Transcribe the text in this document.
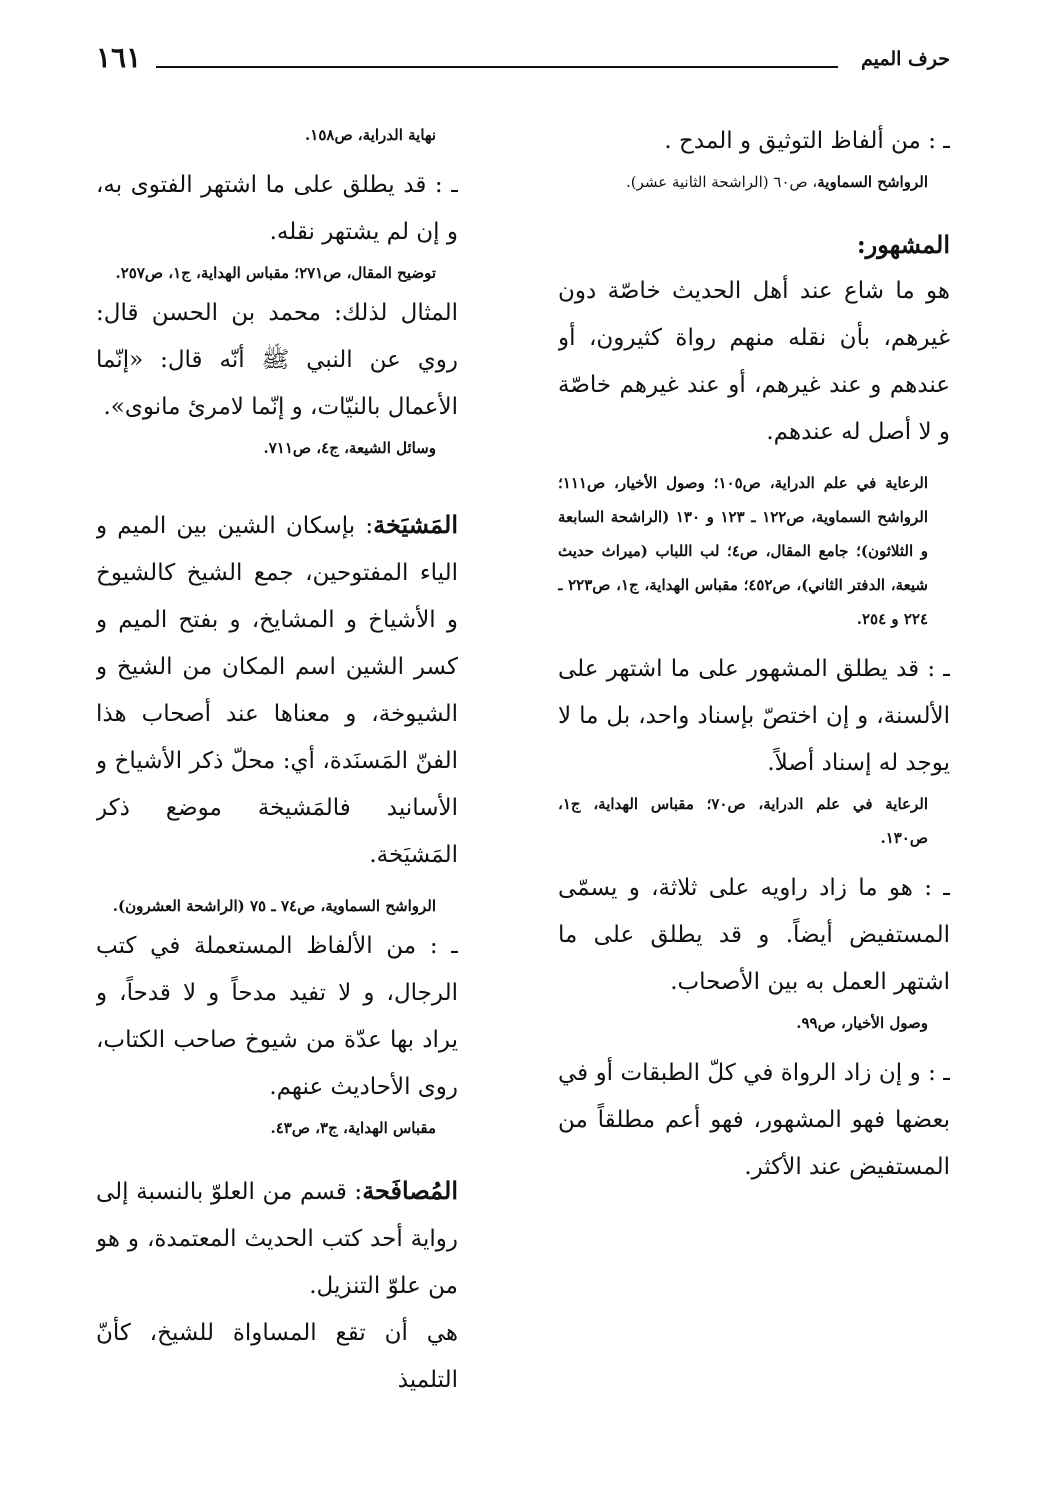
١٦١	حرف الميم

ـ : من ألفاظ التوثيق و المدح .

الرواشح السماوية، ص٦٠ (الراشحة الثانية عشر).

المشهور:

هو ما شاع عند أهل الحديث خاصّة دون غيرهم، بأن نقله منهم رواة كثيرون، أو عندهم و عند غيرهم، أو عند غيرهم خاصّة و لا أصل له عندهم.

الرعاية في علم الدراية، ص١٠٥؛ وصول الأخيار، ص١١١؛ الرواشح السماوية، ص١٢٢ ـ ١٢٣ و ١٣٠ (الراشحة السابعة و الثلاثون)؛ جامع المقال، ص٤؛ لب اللباب (ميراث حديث شيعة، الدفتر الثاني)، ص٤٥٢؛ مقباس الهداية، ج١، ص٢٢٣ ـ ٢٢٤ و ٢٥٤.

ـ : قد يطلق المشهور على ما اشتهر على الألسنة، و إن اختصّ بإسناد واحد، بل ما لا يوجد له إسناد أصلاً.

الرعاية في علم الدراية، ص٧٠؛ مقباس الهداية، ج١، ص١٣٠.

ـ : هو ما زاد راويه على ثلاثة، و يسمّى المستفيض أيضاً. و قد يطلق على ما اشتهر العمل به بين الأصحاب.

وصول الأخيار، ص٩٩.

ـ : و إن زاد الرواة في كلّ الطبقات أو في بعضها فهو المشهور، فهو أعم مطلقاً من المستفيض عند الأكثر.

نهاية الدراية، ص١٥٨.

ـ : قد يطلق على ما اشتهر الفتوى به، و إن لم يشتهر نقله.

توضيح المقال، ص٢٧١؛ مقباس الهداية، ج١، ص٢٥٧.

المثال لذلك: محمد بن الحسن قال: روي عن النبي ﷺ أنّه قال: «إنّما الأعمال بالنيّات، و إنّما لامرئ مانوى».

وسائل الشيعة، ج٤، ص٧١١.

المَشيَخة: بإسكان الشين بين الميم و الياء المفتوحين، جمع الشيخ كالشيوخ و الأشياخ و المشايخ، و بفتح الميم و كسر الشين اسم المكان من الشيخ و الشيوخة، و معناها عند أصحاب هذا الفنّ المَسنَدة، أي: محلّ ذكر الأشياخ و الأسانيد فالمَشيخة موضع ذكر المَشيَخة.

الرواشح السماوية، ص٧٤ ـ ٧٥ (الراشحة العشرون).

ـ : من الألفاظ المستعملة في كتب الرجال، و لا تفيد مدحاً و لا قدحاً، و يراد بها عدّة من شيوخ صاحب الكتاب، روى الأحاديث عنهم.

مقباس الهداية، ج٣، ص٤٣.

المُصافَحة: قسم من العلوّ بالنسبة إلى رواية أحد كتب الحديث المعتمدة، و هو من علوّ التنزيل.

هي أن تقع المساواة للشيخ، كأنّ التلميذ
